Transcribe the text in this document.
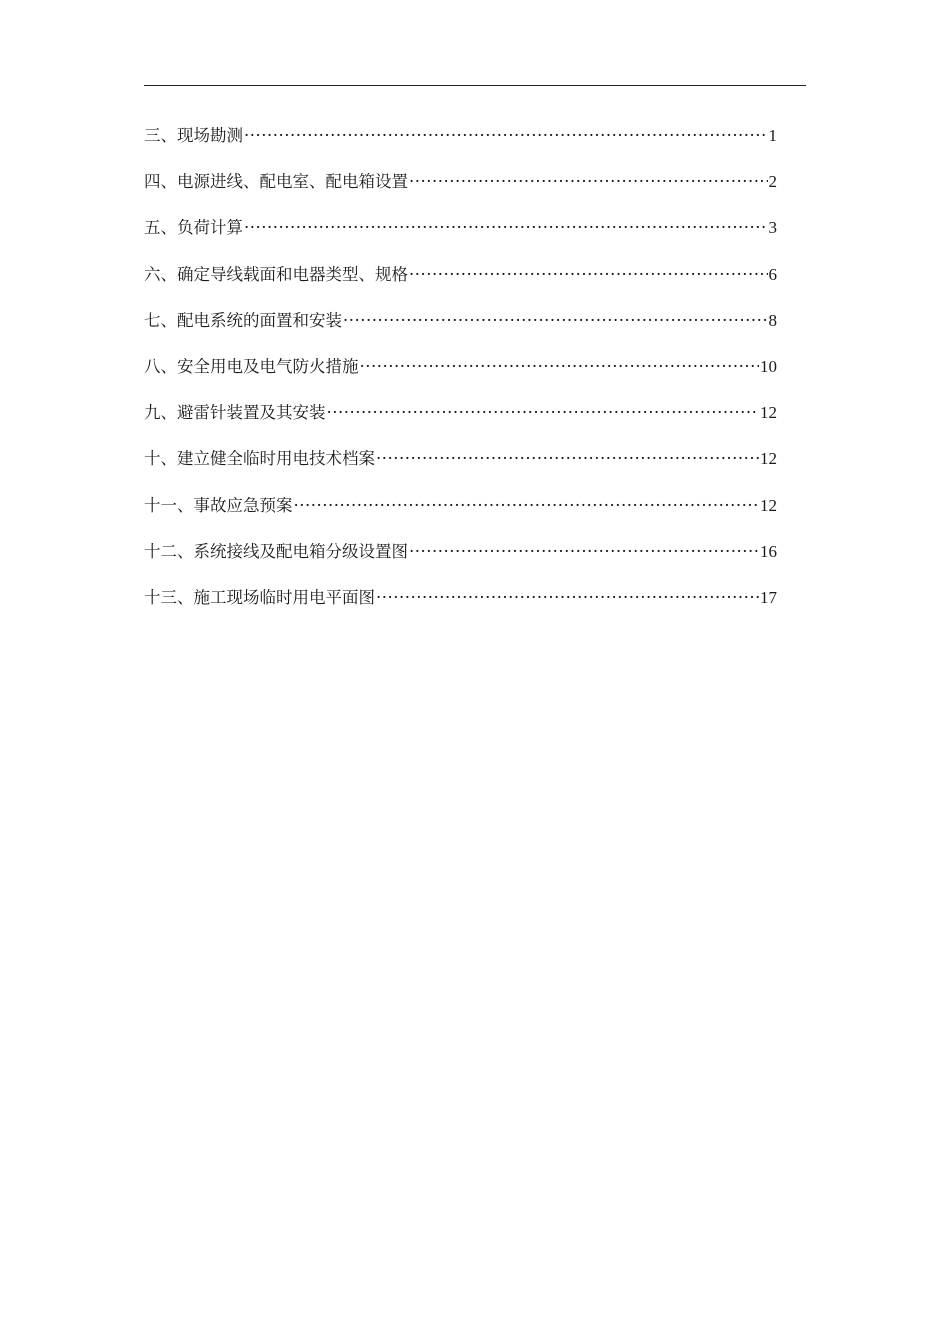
三、现场勘测 ·····	1
四、电源进线、配电室、配电箱设置 ·····	2
五、负荷计算 ·····	3
六、确定导线载面和电器类型、规格 ·····	6
七、配电系统的面置和安装 ·····	8
八、安全用电及电气防火措施 ·····	10
九、避雷针装置及其安装 ·····	12
十、建立健全临时用电技术档案 ·····	12
十一、事故应急预案 ·····	12
十二、系统接线及配电箱分级设置图 ·····	16
十三、施工现场临时用电平面图 ·····	17
